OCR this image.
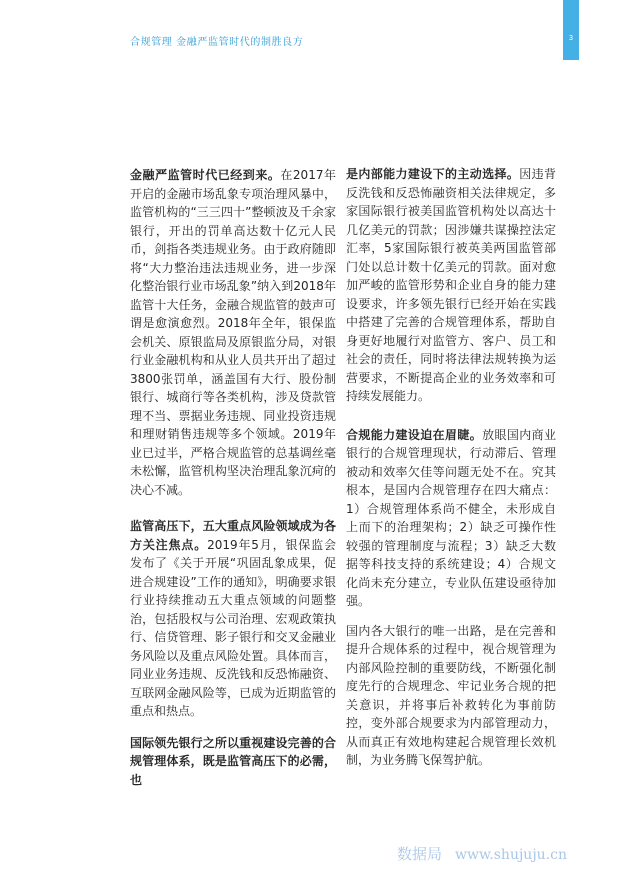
合规管理 金融严监管时代的制胜良方	3

金融严监管时代已经到来。在2017年开启的金融市场乱象专项治理风暴中，监管机构的“三三四十”整顿波及千余家银行，开出的罚单高达数十亿元人民币，剑指各类违规业务。由于政府随即将“大力整治违法违规业务，进一步深化整治银行业市场乱象”纳入到2018年监管十大任务，金融合规监管的鼓声可谓是愈演愈烈。2018年全年，银保监会机关、原银监局及原银监分局，对银行业金融机构和从业人员共开出了超过3800张罚单，涵盖国有大行、股份制银行、城商行等各类机构，涉及贷款管理不当、票据业务违规、同业投资违规和理财销售违规等多个领域。2019年业已过半，严格合规监管的总基调丝毫未松懈，监管机构坚决治理乱象沉疴的决心不减。

监管高压下，五大重点风险领域成为各方关注焦点。2019年5月，银保监会发布了《关于开展“巩固乱象成果，促进合规建设”工作的通知》，明确要求银行业持续推动五大重点领域的问题整治，包括股权与公司治理、宏观政策执行、信贷管理、影子银行和交叉金融业务风险以及重点风险处置。具体而言，同业业务违规、反洗钱和反恐怖融资、互联网金融风险等，已成为近期监管的重点和热点。

国际领先银行之所以重视建设完善的合规管理体系，既是监管高压下的必需，也

是内部能力建设下的主动选择。因违背反洗钱和反恐怖融资相关法律规定，多家国际银行被美国监管机构处以高达十几亿美元的罚款；因涉嫌共谋操控法定汇率，5家国际银行被英美两国监管部门处以总计数十亿美元的罚款。面对愈加严峻的监管形势和企业自身的能力建设要求，许多领先银行已经开始在实践中搭建了完善的合规管理体系，帮助自身更好地履行对监管方、客户、员工和社会的责任，同时将法律法规转换为运营要求，不断提高企业的业务效率和可持续发展能力。

合规能力建设迫在眉睫。放眼国内商业银行的合规管理现状，行动滞后、管理被动和效率欠佳等问题无处不在。究其根本，是国内合规管理存在四大痛点：1）合规管理体系尚不健全，未形成自上而下的治理架构；2）缺乏可操作性较强的管理制度与流程；3）缺乏大数据等科技支持的系统建设；4）合规文化尚未充分建立，专业队伍建设亟待加强。

国内各大银行的唯一出路，是在完善和提升合规体系的过程中，视合规管理为内部风险控制的重要防线，不断强化制度先行的合规理念、牢记业务合规的把关意识，并将事后补救转化为事前防控，变外部合规要求为内部管理动力，从而真正有效地构建起合规管理长效机制，为业务腾飞保驾护航。

数据局 www.shujuju.cn
